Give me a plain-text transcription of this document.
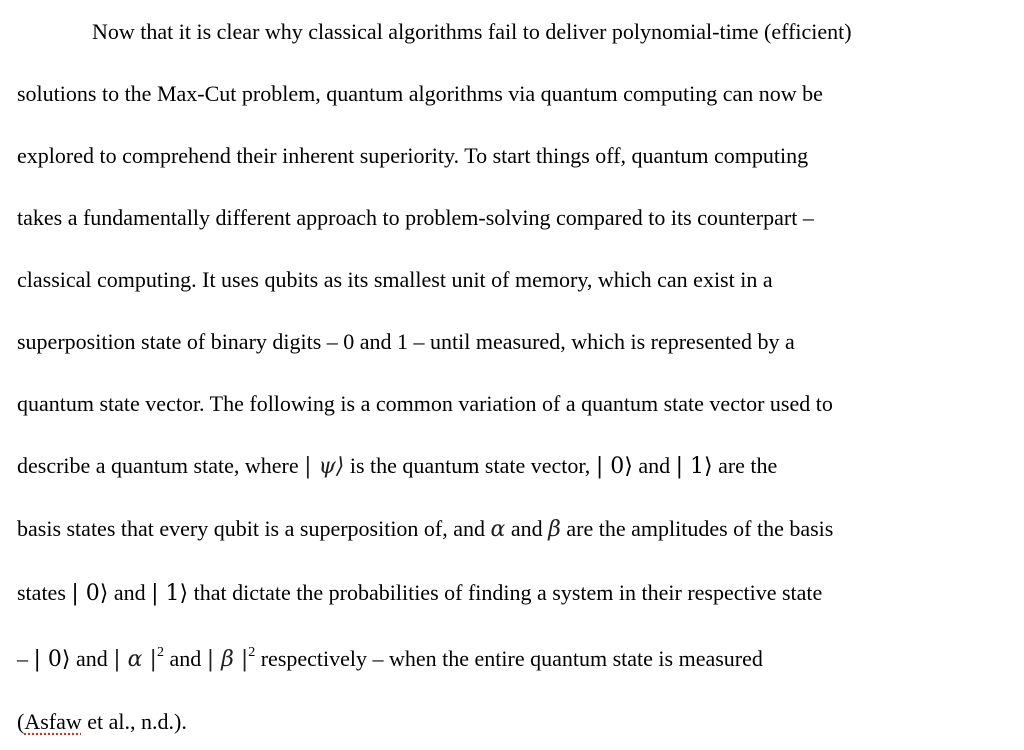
Now that it is clear why classical algorithms fail to deliver polynomial-time (efficient)
solutions to the Max-Cut problem, quantum algorithms via quantum computing can now be
explored to comprehend their inherent superiority. To start things off, quantum computing
takes a fundamentally different approach to problem-solving compared to its counterpart –
classical computing. It uses qubits as its smallest unit of memory, which can exist in a
superposition state of binary digits – 0 and 1 – until measured, which is represented by a
quantum state vector. The following is a common variation of a quantum state vector used to
describe a quantum state, where | ψ⟩ is the quantum state vector, | 0⟩ and | 1⟩ are the
basis states that every qubit is a superposition of, and α and β are the amplitudes of the basis
states | 0⟩ and | 1⟩ that dictate the probabilities of finding a system in their respective state
– | 0⟩ and | α $|^2$ and | β $|^2$ respectively – when the entire quantum state is measured
(Asfaw et al., n.d.).
